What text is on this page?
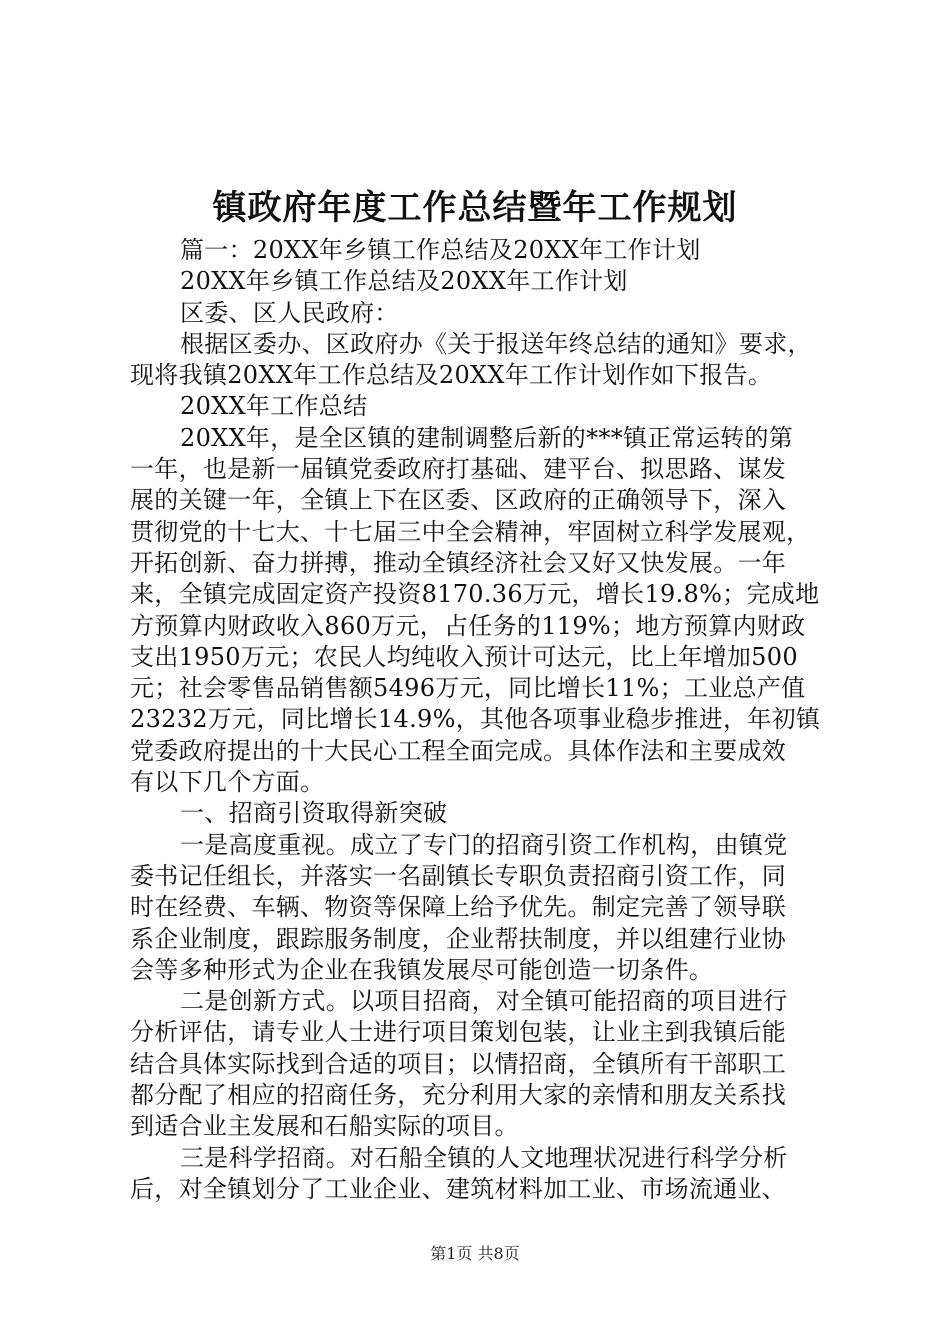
镇政府年度工作总结暨年工作规划
篇一：20XX年乡镇工作总结及20XX年工作计划
20XX年乡镇工作总结及20XX年工作计划
区委、区人民政府：
根据区委办、区政府办《关于报送年终总结的通知》要求，
现将我镇20XX年工作总结及20XX年工作计划作如下报告。
20XX年工作总结
20XX年，是全区镇的建制调整后新的***镇正常运转的第
一年，也是新一届镇党委政府打基础、建平台、拟思路、谋发
展的关键一年，全镇上下在区委、区政府的正确领导下，深入
贯彻党的十七大、十七届三中全会精神，牢固树立科学发展观，
开拓创新、奋力拼搏，推动全镇经济社会又好又快发展。一年
来，全镇完成固定资产投资8170.36万元，增长19.8%；完成地
方预算内财政收入860万元，占任务的119%；地方预算内财政
支出1950万元；农民人均纯收入预计可达元，比上年增加500
元；社会零售品销售额5496万元，同比增长11%；工业总产值
23232万元，同比增长14.9%，其他各项事业稳步推进，年初镇
党委政府提出的十大民心工程全面完成。具体作法和主要成效
有以下几个方面。
一、招商引资取得新突破
一是高度重视。成立了专门的招商引资工作机构，由镇党
委书记任组长，并落实一名副镇长专职负责招商引资工作，同
时在经费、车辆、物资等保障上给予优先。制定完善了领导联
系企业制度，跟踪服务制度，企业帮扶制度，并以组建行业协
会等多种形式为企业在我镇发展尽可能创造一切条件。
二是创新方式。以项目招商，对全镇可能招商的项目进行
分析评估，请专业人士进行项目策划包装，让业主到我镇后能
结合具体实际找到合适的项目；以情招商，全镇所有干部职工
都分配了相应的招商任务，充分利用大家的亲情和朋友关系找
到适合业主发展和石船实际的项目。
三是科学招商。对石船全镇的人文地理状况进行科学分析
后，对全镇划分了工业企业、建筑材料加工业、市场流通业、
第1页 共8页
